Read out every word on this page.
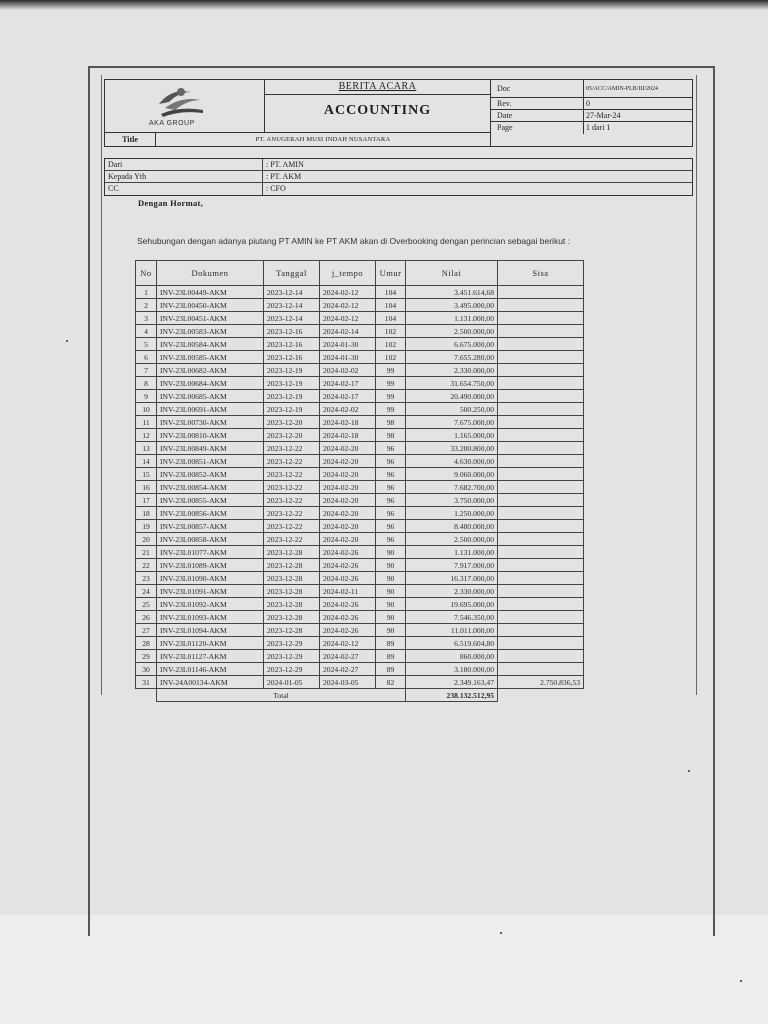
AKA GROUP
BERITA ACARA
ACCOUNTING
Doc	05/ACC/AMIN-PLB/III/2024
Rev.	0
Date	27-Mar-24
Page	1 dari 1
Title	PT. ANUGERAH MUSI INDAH NUSANTARA
Dari	: PT. AMIN
Kepada Yth	: PT. AKM
CC	: CFO
Dengan Hormat,
Sehubungan dengan adanya piutang PT AMIN ke PT AKM akan di Overbooking dengan perincian sebagai berikut :
No	Dokumen	Tanggal	j_tempo	Umur	Nilai	Sisa
1	INV-23L00449-AKM	2023-12-14	2024-02-12	104	3.451.614,68	
2	INV-23L00450-AKM	2023-12-14	2024-02-12	104	3.495.000,00	
3	INV-23L00451-AKM	2023-12-14	2024-02-12	104	1.131.000,00	
4	INV-23L00583-AKM	2023-12-16	2024-02-14	102	2.500.000,00	
5	INV-23L00584-AKM	2023-12-16	2024-01-30	102	6.675.000,00	
6	INV-23L00585-AKM	2023-12-16	2024-01-30	102	7.655.280,00	
7	INV-23L00682-AKM	2023-12-19	2024-02-02	99	2.330.000,00	
8	INV-23L00684-AKM	2023-12-19	2024-02-17	99	31.654.750,00	
9	INV-23L00685-AKM	2023-12-19	2024-02-17	99	20.490.000,00	
10	INV-23L00691-AKM	2023-12-19	2024-02-02	99	500.250,00	
11	INV-23L00730-AKM	2023-12-20	2024-02-18	98	7.675.000,00	
12	INV-23L00810-AKM	2023-12-20	2024-02-18	98	1.165.000,00	
13	INV-23L00849-AKM	2023-12-22	2024-02-20	96	33.200.800,00	
14	INV-23L00851-AKM	2023-12-22	2024-02-20	96	4.630.000,00	
15	INV-23L00852-AKM	2023-12-22	2024-02-20	96	9.060.000,00	
16	INV-23L00854-AKM	2023-12-22	2024-02-20	96	7.682.700,00	
17	INV-23L00855-AKM	2023-12-22	2024-02-20	96	3.750.000,00	
18	INV-23L00856-AKM	2023-12-22	2024-02-20	96	1.250.000,00	
19	INV-23L00857-AKM	2023-12-22	2024-02-20	96	8.480.000,00	
20	INV-23L00858-AKM	2023-12-22	2024-02-20	96	2.500.000,00	
21	INV-23L01077-AKM	2023-12-28	2024-02-26	90	1.131.000,00	
22	INV-23L01089-AKM	2023-12-28	2024-02-26	90	7.917.000,00	
23	INV-23L01090-AKM	2023-12-28	2024-02-26	90	16.317.000,00	
24	INV-23L01091-AKM	2023-12-28	2024-02-11	90	2.330.000,00	
25	INV-23L01092-AKM	2023-12-28	2024-02-26	90	19.695.000,00	
26	INV-23L01093-AKM	2023-12-28	2024-02-26	90	7.546.350,00	
27	INV-23L01094-AKM	2023-12-28	2024-02-26	90	11.011.000,00	
28	INV-23L01120-AKM	2023-12-29	2024-02-12	89	6.519.604,80	
29	INV-23L01127-AKM	2023-12-29	2024-02-27	89	860.000,00	
30	INV-23L01146-AKM	2023-12-29	2024-02-27	89	3.180.000,00	
31	INV-24A00134-AKM	2024-01-05	2024-03-05	82	2.349.163,47	2.750.836,53
	Total				238.132.512,95	
